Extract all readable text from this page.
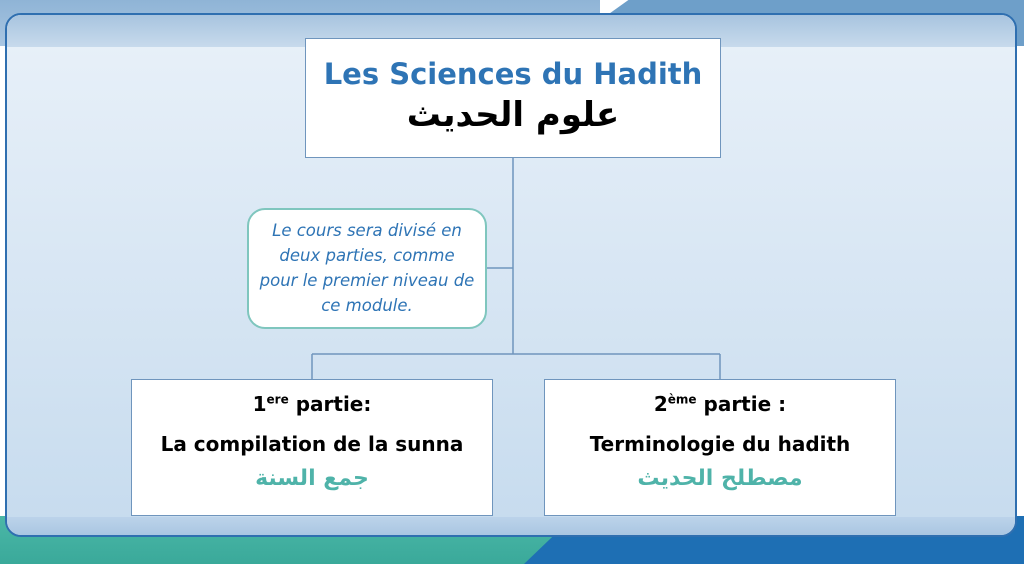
Les Sciences du Hadith
علوم الحديث
Le cours sera divisé en deux parties, comme pour le premier niveau de ce module.
1ere partie:
La compilation de la sunna
جمع السنة
2ème partie :
Terminologie du hadith
مصطلح الحديث
